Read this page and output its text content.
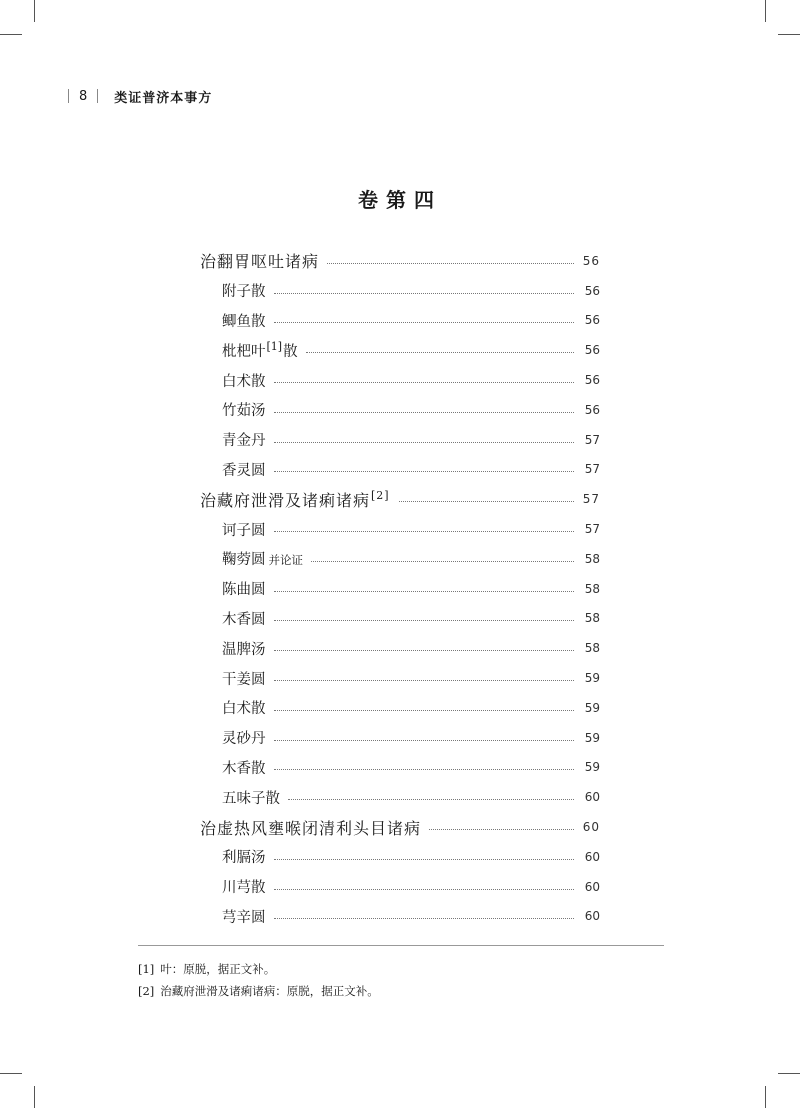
8 类证普济本事方
卷第四
治翻胃呕吐诸病	56
附子散	56
鲫鱼散	56
枇杷叶[1]散	56
白术散	56
竹茹汤	56
青金丹	57
香灵圆	57
治藏府泄滑及诸痢诸病[2]	57
诃子圆	57
鞠䓖圆 并论证	58
陈曲圆	58
木香圆	58
温脾汤	58
干姜圆	59
白术散	59
灵砂丹	59
木香散	59
五味子散	60
治虚热风壅喉闭清利头目诸病	60
利膈汤	60
川芎散	60
芎辛圆	60
[1] 叶：原脱，据正文补。
[2] 治藏府泄滑及诸痢诸病：原脱，据正文补。
